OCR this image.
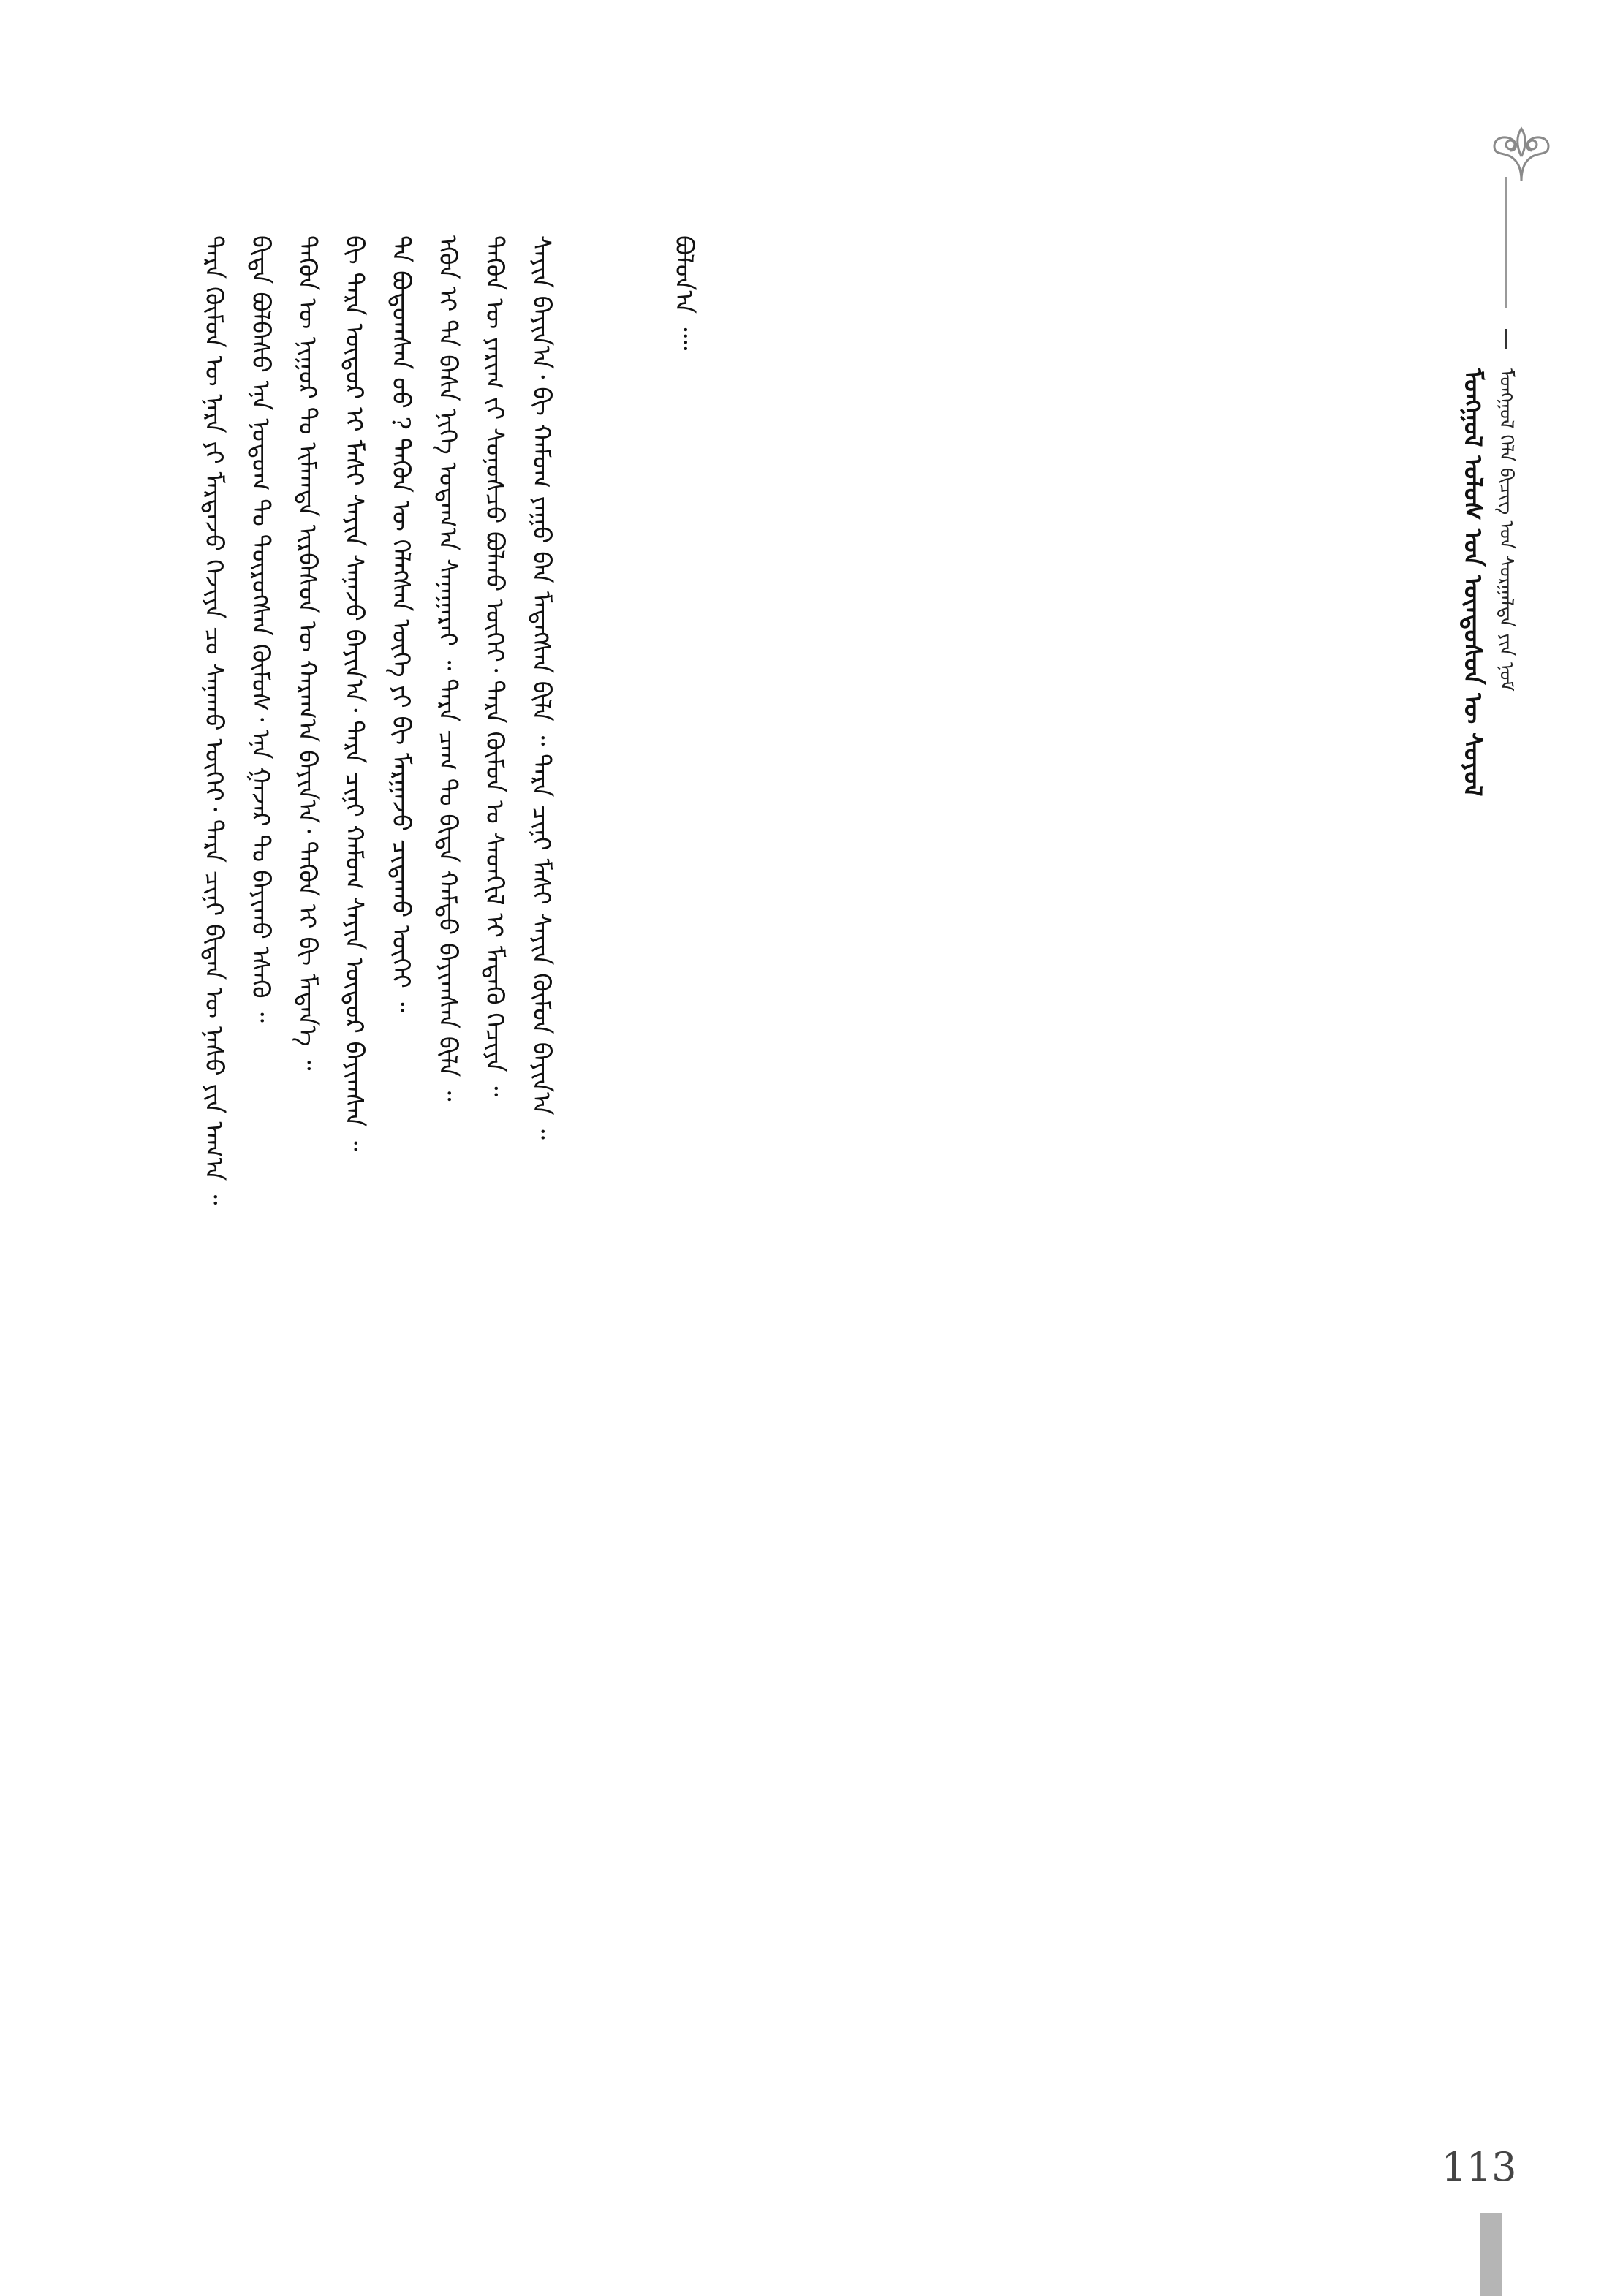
ᠮᠣᠩᠭᠣᠯ ᠤᠯᠤᠰ ᠤᠨ ᠦᠨᠳᠦᠰᠦᠨ ᠦ ᠰᠣᠶᠣᠯ ᠮᠣᠩᠭᠣᠯ ᠬᠡᠯᠡ ᠪᠢᠴᠢᠭ᠌ ᠤᠨ ᠰᠤᠷᠭᠠᠯᠲᠠ ᠶᠢᠨ ᠨᠣᠮ
ᠪᠣᠯᠤᠨ᠎ᠠ ᠁
ᠲᠡᠷᠡ ᠬᠦᠮᠦᠨ ᠦ ᠨᠡᠷᠡ ᠶᠢ ᠮᠠᠷᠲᠠᠵᠤ ᠬᠡᠵᠢᠶᠡ ᠴᠤ ᠰᠠᠨᠠᠬᠤ ᠦᠭᠡᠢ᠂ ᠲᠡᠷᠡ ᠴᠢᠨᠢ ᠪᠢᠳᠡᠨ ᠦ ᠨᠠᠰᠤ ᠶᠢᠨ ᠠᠬ᠎ᠠ ᠃ ᠪᠢᠳᠡ ᠪᠣᠯᠪᠠᠰᠤ ᠡᠨᠡ ᠨᠤᠲᠤᠭ ᠲᠤ ᠲᠥᠷᠦᠭᠰᠡᠨ ᠬᠦᠮᠦᠰ᠂ ᠡᠨᠡ ᠭᠠᠵᠠᠷ ᠲᠤ ᠪᠠᠶᠢᠬᠤ ᠡᠰᠡᠬᠦ ᠃ ᠲᠡᠭᠦᠨ ᠦ ᠨᠢᠭᠤᠷ ᠲᠤ ᠢᠮᠠᠭᠲᠠ ᠢᠷᠪᠡᠰᠦᠨ ᠦ ᠬᠠᠷᠠᠭ᠎ᠠ ᠪᠠᠶᠢᠨ᠎ᠠ᠂ ᠲᠡᠭᠦᠨ ᠢ ᠪᠢ ᠮᠡᠳᠡᠨ᠎ᠡ ᠃ ᠪᠢ ᠲᠡᠷᠡ ᠦᠳᠦᠷ ᠢ ᠮᠠᠰᠢ ᠰᠠᠶᠢᠨ ᠰᠠᠨᠠᠵᠤ ᠪᠠᠶᠢᠨ᠎ᠠ᠂ ᠲᠡᠷᠡ ᠴᠢᠨᠢ ᠬᠠᠮᠤᠭ ᠰᠠᠶᠢᠨ ᠦᠳᠦᠷ ᠪᠠᠶᠢᠭᠰᠠᠨ ᠃ ᠲᠠ ᠪᠣᠳᠣᠭᠰᠠᠨ ᠤᠤ ? ᠲᠡᠭᠦᠨ ᠦ ᠬᠡᠯᠡᠭᠰᠡᠨ ᠦᠭᠡ ᠶᠢ ᠪᠢ ᠮᠠᠷᠭᠠᠵᠤ ᠴᠢᠳᠠᠬᠤ ᠦᠭᠡᠢ ᠃ ᠡᠭᠦᠨ ᠢ ᠲᠠ ᠪᠠᠰᠠ ᠨᠢᠭᠡ ᠤᠳᠠᠭ᠎ᠠ ᠰᠠᠨᠠᠭᠠᠷᠠᠢ ᠃ ᠲᠡᠷᠡ ᠴᠠᠭ ᠲᠤ ᠪᠢᠳᠡ ᠬᠠᠮᠲᠤ ᠪᠠᠶᠢᠭᠰᠠᠨ ᠪᠢᠯᠡ ᠃ ᠲᠡᠭᠦᠨ ᠦ ᠶᠠᠷᠢᠭ ᠵᠢ ᠰᠣᠨᠣᠰᠴᠤ ᠪᠣᠯᠬᠤ ᠦᠭᠡᠢ᠂ ᠲᠡᠷᠡ ᠬᠦᠮᠦᠨ ᠤ ᠰᠡᠳᠬᠢᠯ ᠢ ᠮᠡᠳᠡᠬᠦ ᠬᠡᠴᠢᠶᠡ ᠃ ᠰᠠᠶᠢᠨ ᠪᠠᠶᠢᠨ᠎ᠠ᠂ ᠪᠢ ᠬᠠᠮᠤᠭ ᠶᠠᠭᠤ ᠪᠠᠨ ᠮᠡᠳᠡᠭᠰᠡᠨ ᠪᠢᠯᠡ ᠃ ᠲᠡᠷᠡ ᠴᠢᠨᠢ ᠮᠠᠰᠢ ᠰᠠᠶᠢᠨ ᠬᠦᠮᠦᠨ ᠪᠠᠶᠢᠨ᠎ᠠ ᠃
113
